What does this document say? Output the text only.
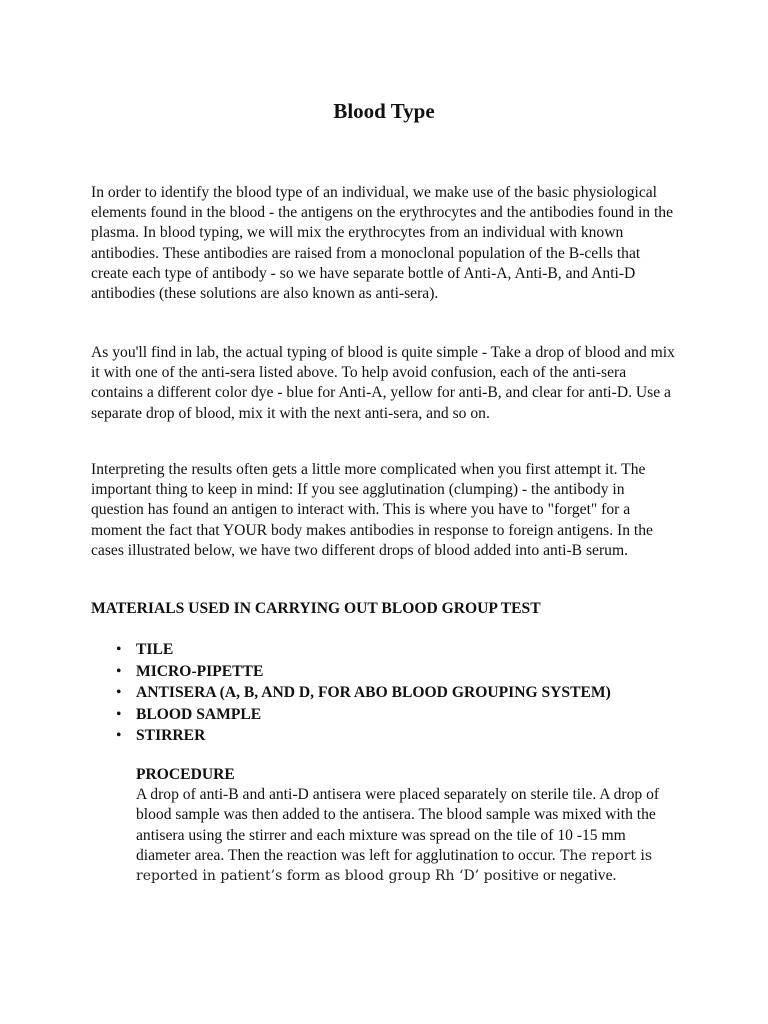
Blood Type

In order to identify the blood type of an individual, we make use of the basic physiological elements found in the blood - the antigens on the erythrocytes and the antibodies found in the plasma. In blood typing, we will mix the erythrocytes from an individual with known antibodies. These antibodies are raised from a monoclonal population of the B-cells that create each type of antibody - so we have separate bottle of Anti-A, Anti-B, and Anti-D antibodies (these solutions are also known as anti-sera).

As you'll find in lab, the actual typing of blood is quite simple - Take a drop of blood and mix it with one of the anti-sera listed above. To help avoid confusion, each of the anti-sera contains a different color dye - blue for Anti-A, yellow for anti-B, and clear for anti-D. Use a separate drop of blood, mix it with the next anti-sera, and so on.

Interpreting the results often gets a little more complicated when you first attempt it. The important thing to keep in mind: If you see agglutination (clumping) - the antibody in question has found an antigen to interact with. This is where you have to "forget" for a moment the fact that YOUR body makes antibodies in response to foreign antigens. In the cases illustrated below, we have two different drops of blood added into anti-B serum.

MATERIALS USED IN CARRYING OUT BLOOD GROUP TEST
• TILE
• MICRO-PIPETTE
• ANTISERA (A, B, AND D, FOR ABO BLOOD GROUPING SYSTEM)
• BLOOD SAMPLE
• STIRRER
PROCEDURE

A drop of anti-B and anti-D antisera were placed separately on sterile tile. A drop of blood sample was then added to the antisera. The blood sample was mixed with the antisera using the stirrer and each mixture was spread on the tile of 10 -15 mm diameter area. Then the reaction was left for agglutination to occur. The report is reported in patient’s form as blood group Rh ‘D’ positive or negative.
